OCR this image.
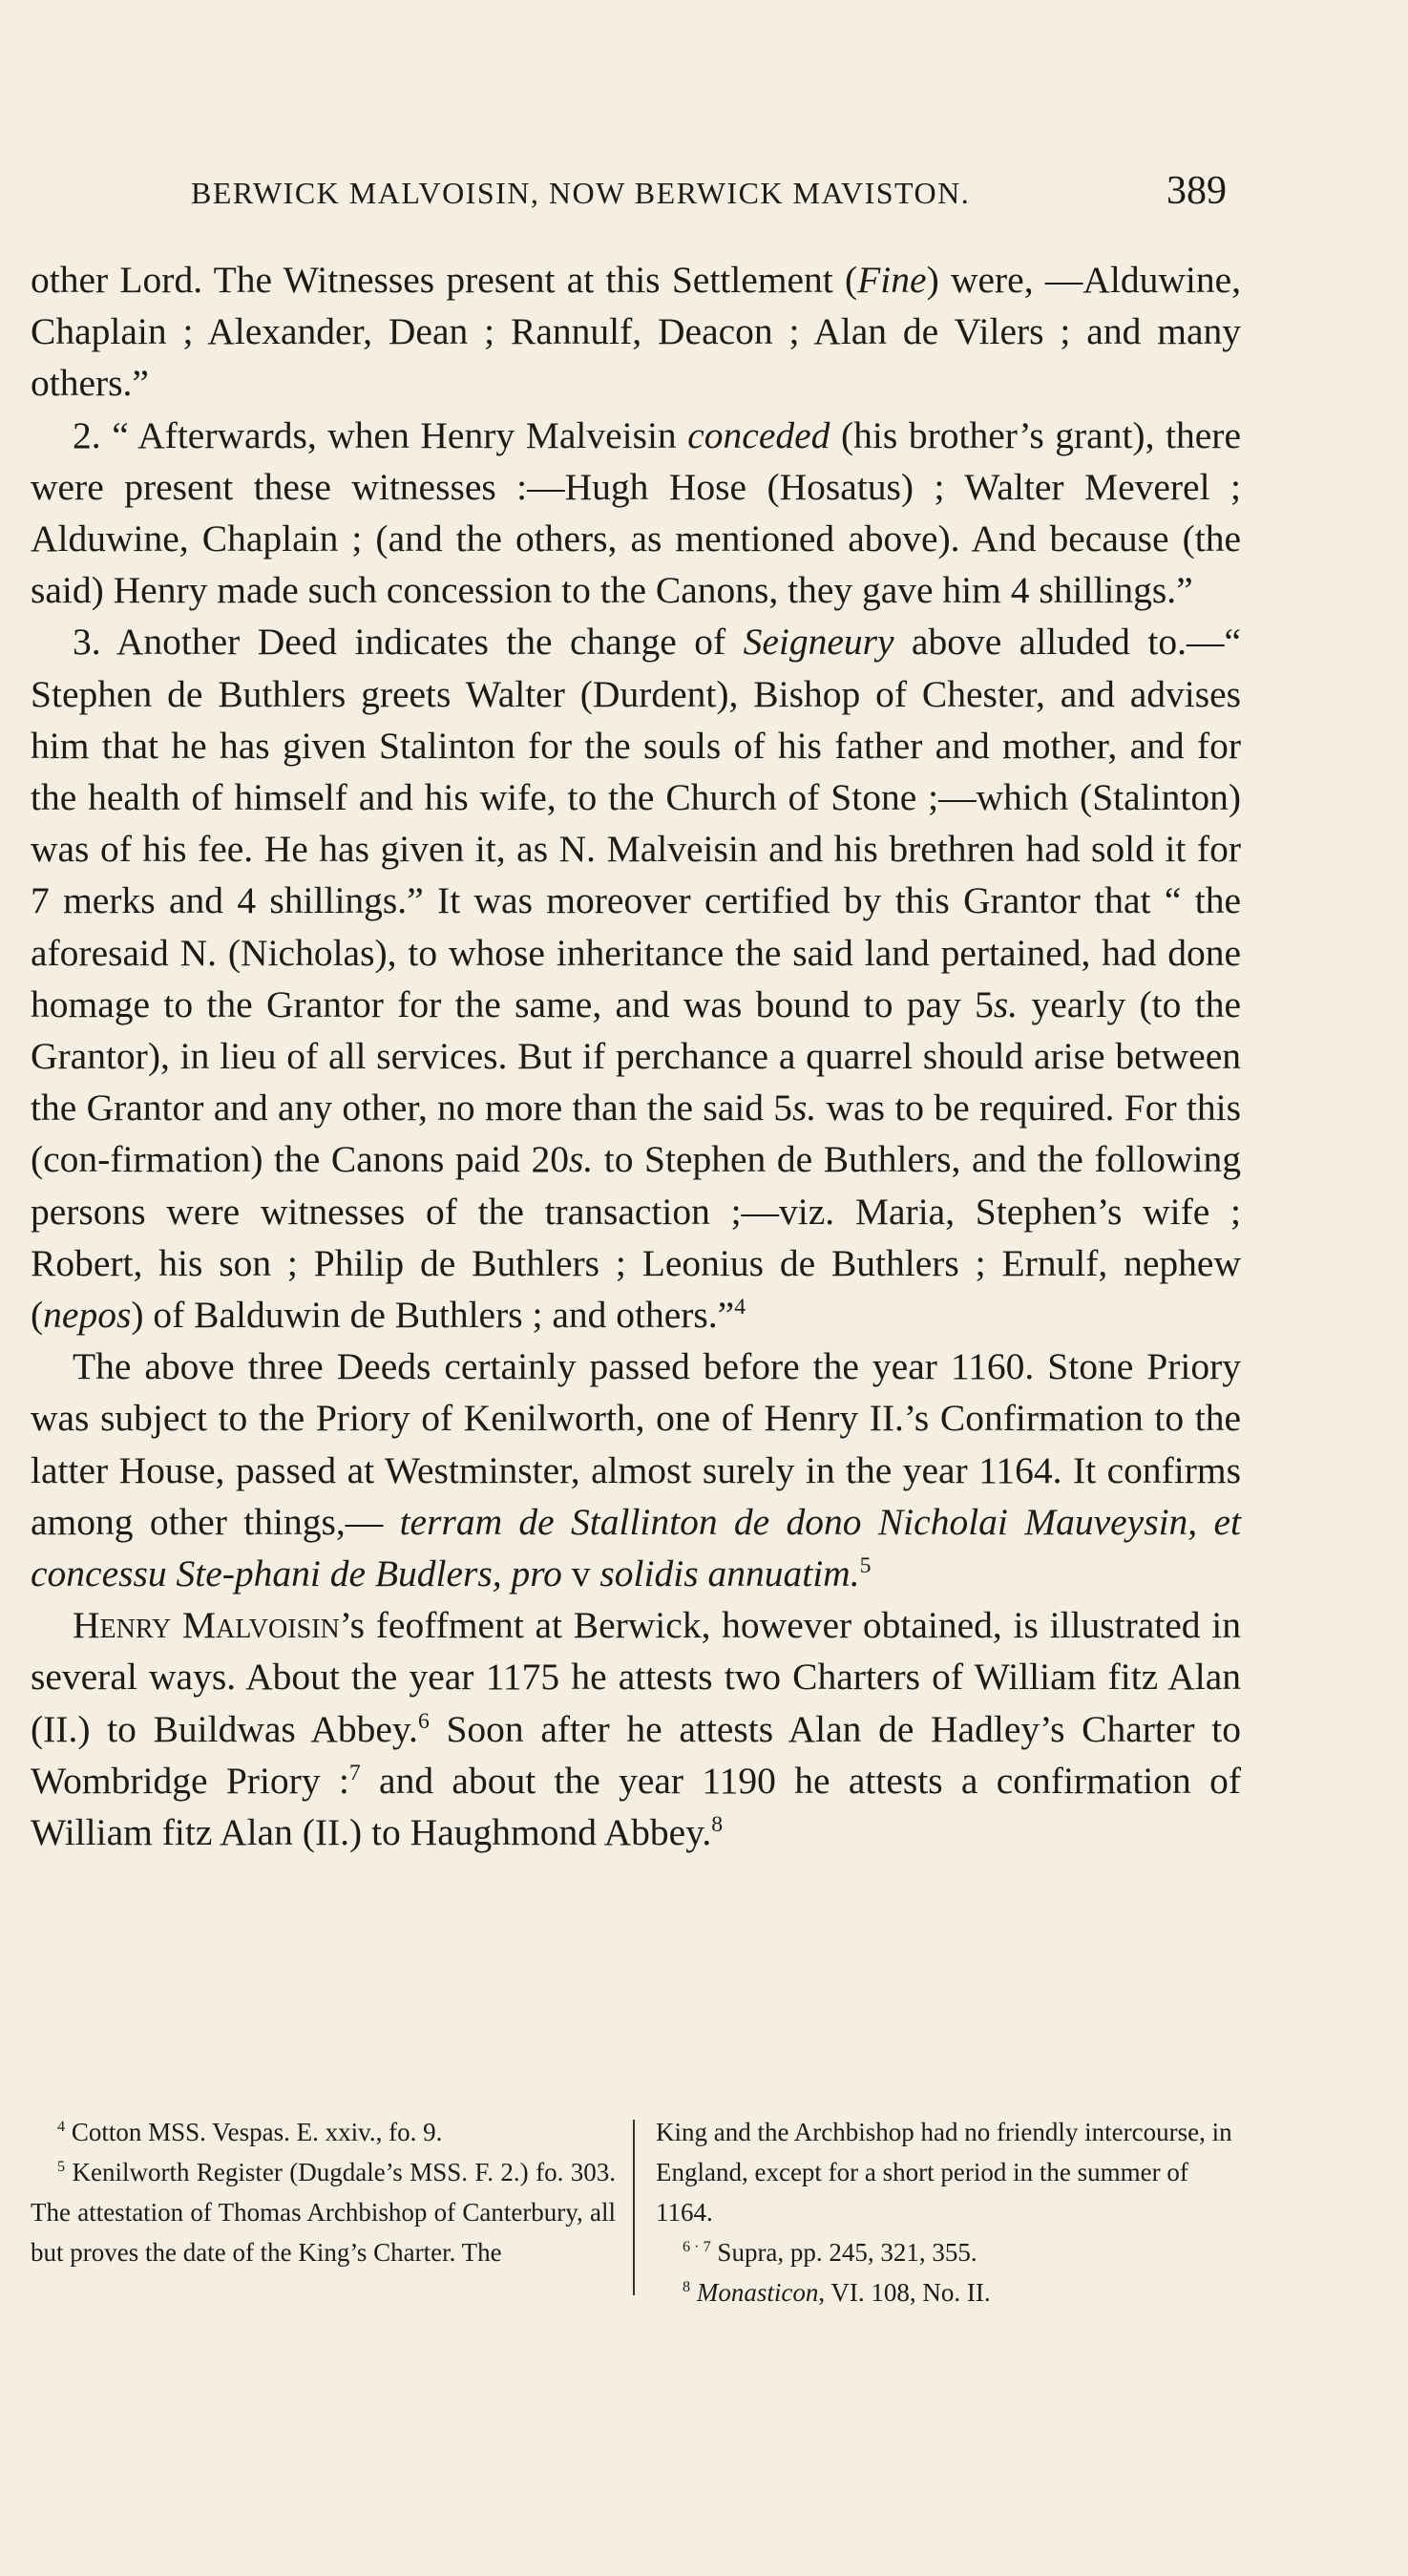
BERWICK MALVOISIN, NOW BERWICK MAVISTON.	389

other Lord. The Witnesses present at this Settlement (Fine) were, —Alduwine, Chaplain ; Alexander, Dean ; Rannulf, Deacon ; Alan de Vilers ; and many others.”

2. “ Afterwards, when Henry Malveisin conceded (his brother’s grant), there were present these witnesses :—Hugh Hose (Hosatus) ; Walter Meverel ; Alduwine, Chaplain ; (and the others, as mentioned above). And because (the said) Henry made such concession to the Canons, they gave him 4 shillings.”

3. Another Deed indicates the change of Seigneury above alluded to.—“ Stephen de Buthlers greets Walter (Durdent), Bishop of Chester, and advises him that he has given Stalinton for the souls of his father and mother, and for the health of himself and his wife, to the Church of Stone ;—which (Stalinton) was of his fee. He has given it, as N. Malveisin and his brethren had sold it for 7 merks and 4 shillings.” It was moreover certified by this Grantor that “ the aforesaid N. (Nicholas), to whose inheritance the said land pertained, had done homage to the Grantor for the same, and was bound to pay 5s. yearly (to the Grantor), in lieu of all services. But if perchance a quarrel should arise between the Grantor and any other, no more than the said 5s. was to be required. For this (con-firmation) the Canons paid 20s. to Stephen de Buthlers, and the following persons were witnesses of the transaction ;—viz. Maria, Stephen’s wife ; Robert, his son ; Philip de Buthlers ; Leonius de Buthlers ; Ernulf, nephew (nepos) of Balduwin de Buthlers ; and others.”$^4$

The above three Deeds certainly passed before the year 1160. Stone Priory was subject to the Priory of Kenilworth, one of Henry II.’s Confirmation to the latter House, passed at Westminster, almost surely in the year 1164. It confirms among other things,— terram de Stallinton de dono Nicholai Mauveysin, et concessu Ste-phani de Budlers, pro v solidis annuatim.$^5$

Henry Malvoisin’s feoffment at Berwick, however obtained, is illustrated in several ways. About the year 1175 he attests two Charters of William fitz Alan (II.) to Buildwas Abbey.$^6$ Soon after he attests Alan de Hadley’s Charter to Wombridge Priory :$^7$ and about the year 1190 he attests a confirmation of William fitz Alan (II.) to Haughmond Abbey.$^8$

$^4$ Cotton MSS. Vespas. E. xxiv., fo. 9.

$^5$ Kenilworth Register (Dugdale’s MSS. F. 2.) fo. 303. The attestation of Thomas Archbishop of Canterbury, all but proves the date of the King’s Charter. The

King and the Archbishop had no friendly intercourse, in England, except for a short period in the summer of 1164.

$^{6 \cdot 7}$ Supra, pp. 245, 321, 355.

$^8$ Monasticon, VI. 108, No. II.
